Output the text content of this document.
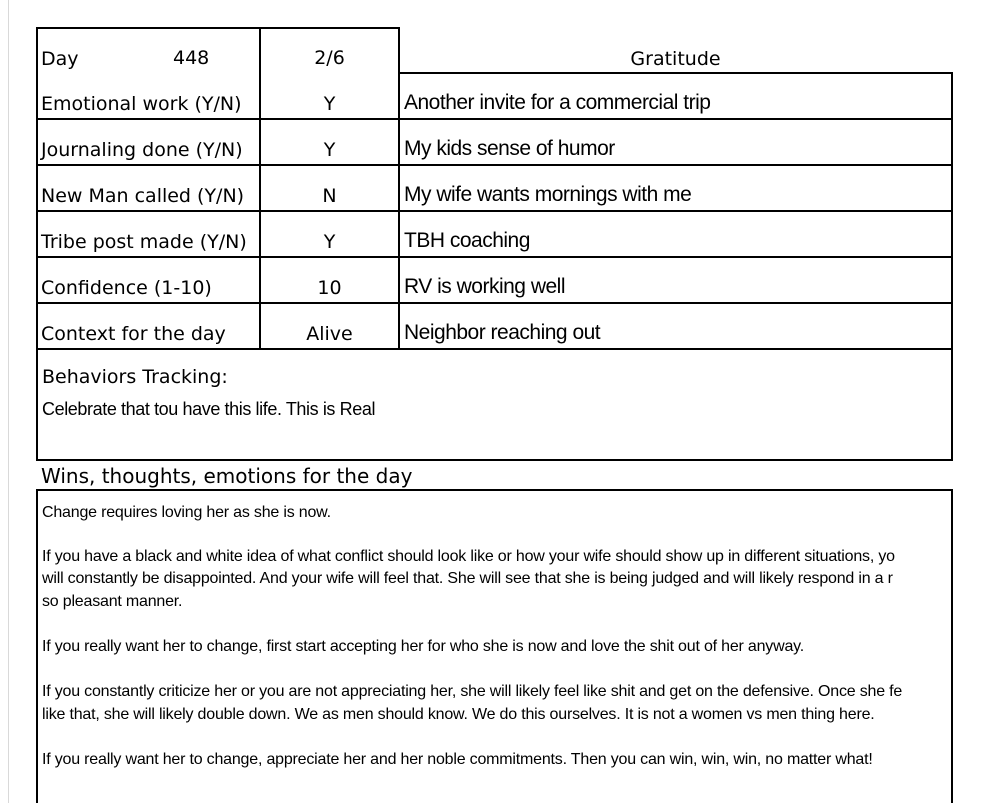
Day	448	2/6	Gratitude
Emotional work (Y/N)	Y	Another invite for a commercial trip
Journaling done (Y/N)	Y	My kids sense of humor
New Man called (Y/N)	N	My wife wants mornings with me
Tribe post made (Y/N)	Y	TBH coaching
Confidence (1-10)	10	RV is working well
Context for the day	Alive	Neighbor reaching out
Behaviors Tracking:
Celebrate that tou have this life. This is Real
Wins, thoughts, emotions for the day
Change requires loving her as she is now.
If you have a black and white idea of what conflict should look like or how your wife should show up in different situations, yo
will constantly be disappointed. And your wife will feel that. She will see that she is being judged and will likely respond in a r
so pleasant manner.
If you really want her to change, first start accepting her for who she is now and love the shit out of her anyway.
If you constantly criticize her or you are not appreciating her, she will likely feel like shit and get on the defensive. Once she fe
like that, she will likely double down. We as men should know. We do this ourselves. It is not a women vs men thing here.
If you really want her to change, appreciate her and her noble commitments. Then you can win, win, win, no matter what!
